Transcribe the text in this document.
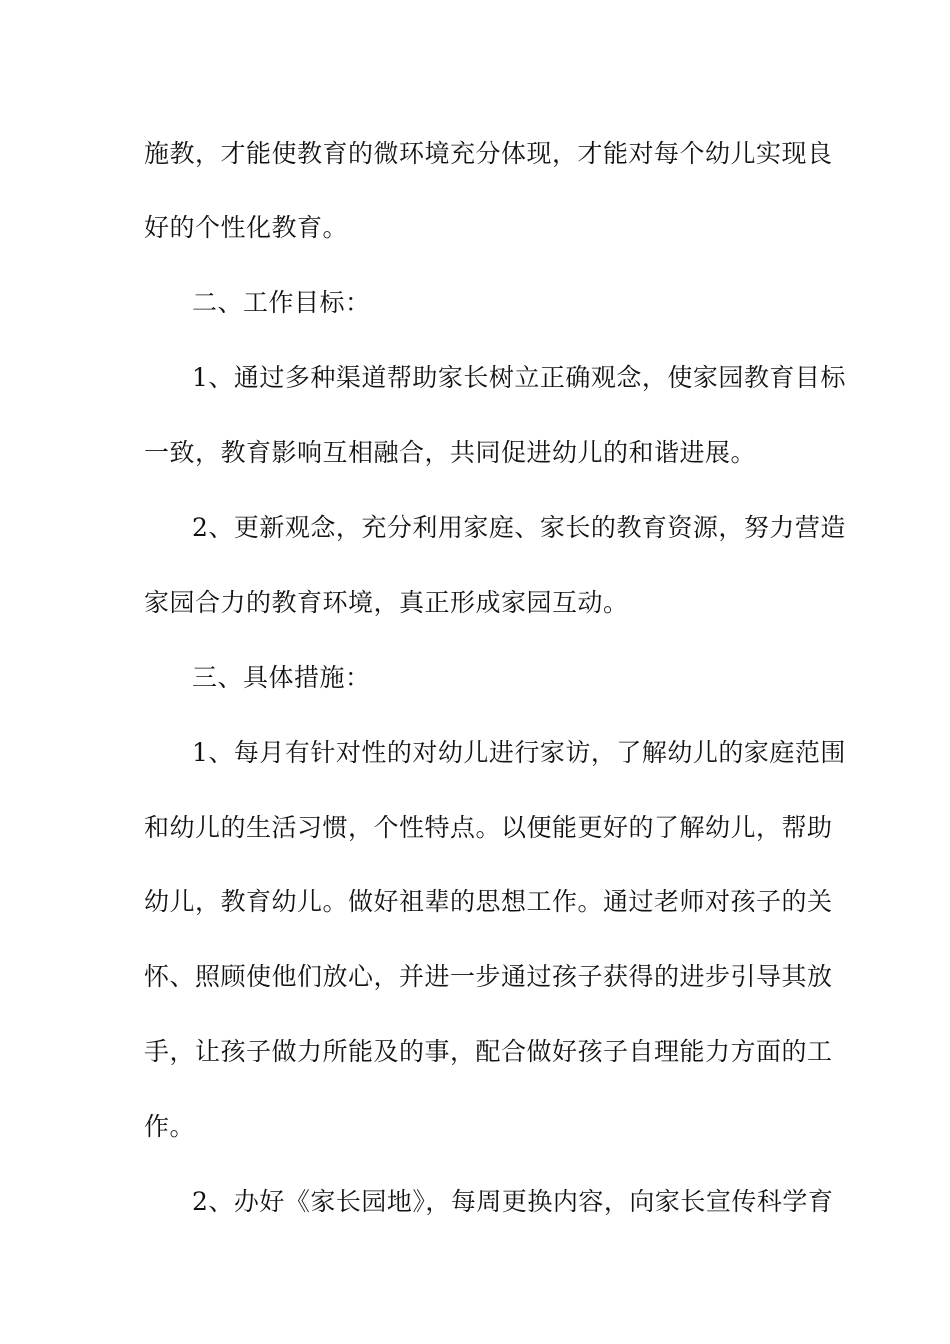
施教，才能使教育的微环境充分体现，才能对每个幼儿实现良
好的个性化教育。
二、工作目标：
1、通过多种渠道帮助家长树立正确观念，使家园教育目标
一致，教育影响互相融合，共同促进幼儿的和谐进展。
2、更新观念，充分利用家庭、家长的教育资源，努力营造
家园合力的教育环境，真正形成家园互动。
三、具体措施：
1、每月有针对性的对幼儿进行家访，了解幼儿的家庭范围
和幼儿的生活习惯，个性特点。以便能更好的了解幼儿，帮助
幼儿，教育幼儿。做好祖辈的思想工作。通过老师对孩子的关
怀、照顾使他们放心，并进一步通过孩子获得的进步引导其放
手，让孩子做力所能及的事，配合做好孩子自理能力方面的工
作。
2、办好《家长园地》，每周更换内容，向家长宣传科学育
